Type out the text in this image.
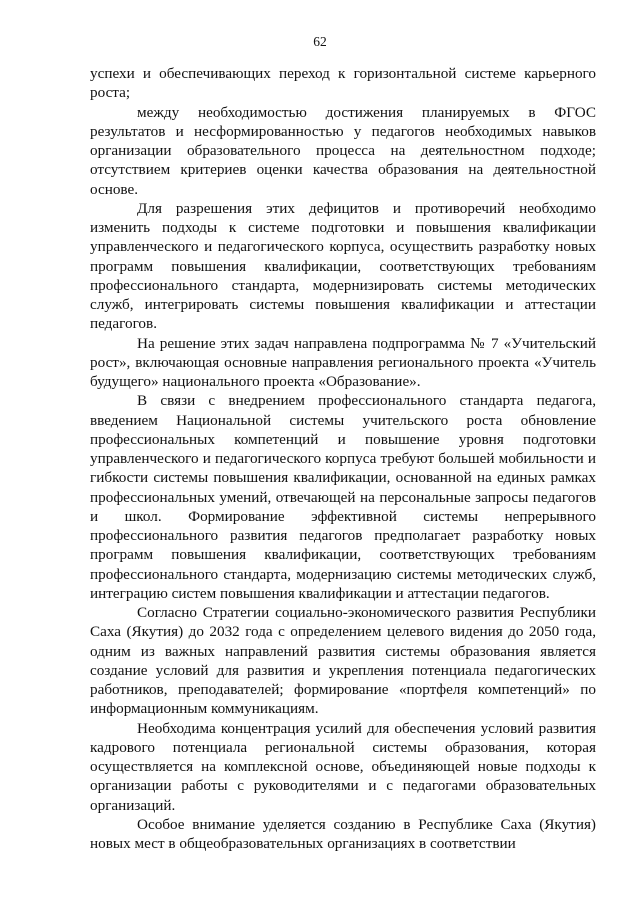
62

успехи и обеспечивающих переход к горизонтальной системе карьерного роста;

между необходимостью достижения планируемых в ФГОС результатов и несформированностью у педагогов необходимых навыков организации образовательного процесса на деятельностном подходе; отсутствием критериев оценки качества образования на деятельностной основе.

Для разрешения этих дефицитов и противоречий необходимо изменить подходы к системе подготовки и повышения квалификации управленческого и педагогического корпуса, осуществить разработку новых программ повышения квалификации, соответствующих требованиям профессионального стандарта, модернизировать системы методических служб, интегрировать системы повышения квалификации и аттестации педагогов.

На решение этих задач направлена подпрограмма № 7 «Учительский рост», включающая основные направления регионального проекта «Учитель будущего» национального проекта «Образование».

В связи с внедрением профессионального стандарта педагога, введением Национальной системы учительского роста обновление профессиональных компетенций и повышение уровня подготовки управленческого и педагогического корпуса требуют большей мобильности и гибкости системы повышения квалификации, основанной на единых рамках профессиональных умений, отвечающей на персональные запросы педагогов и школ. Формирование эффективной системы непрерывного профессионального развития педагогов предполагает разработку новых программ повышения квалификации, соответствующих требованиям профессионального стандарта, модернизацию системы методических служб, интеграцию систем повышения квалификации и аттестации педагогов.

Согласно Стратегии социально-экономического развития Республики Саха (Якутия) до 2032 года с определением целевого видения до 2050 года, одним из важных направлений развития системы образования является создание условий для развития и укрепления потенциала педагогических работников, преподавателей; формирование «портфеля компетенций» по информационным коммуникациям.

Необходима концентрация усилий для обеспечения условий развития кадрового потенциала региональной системы образования, которая осуществляется на комплексной основе, объединяющей новые подходы к организации работы с руководителями и с педагогами образовательных организаций.

Особое внимание уделяется созданию в Республике Саха (Якутия) новых мест в общеобразовательных организациях в соответствии
